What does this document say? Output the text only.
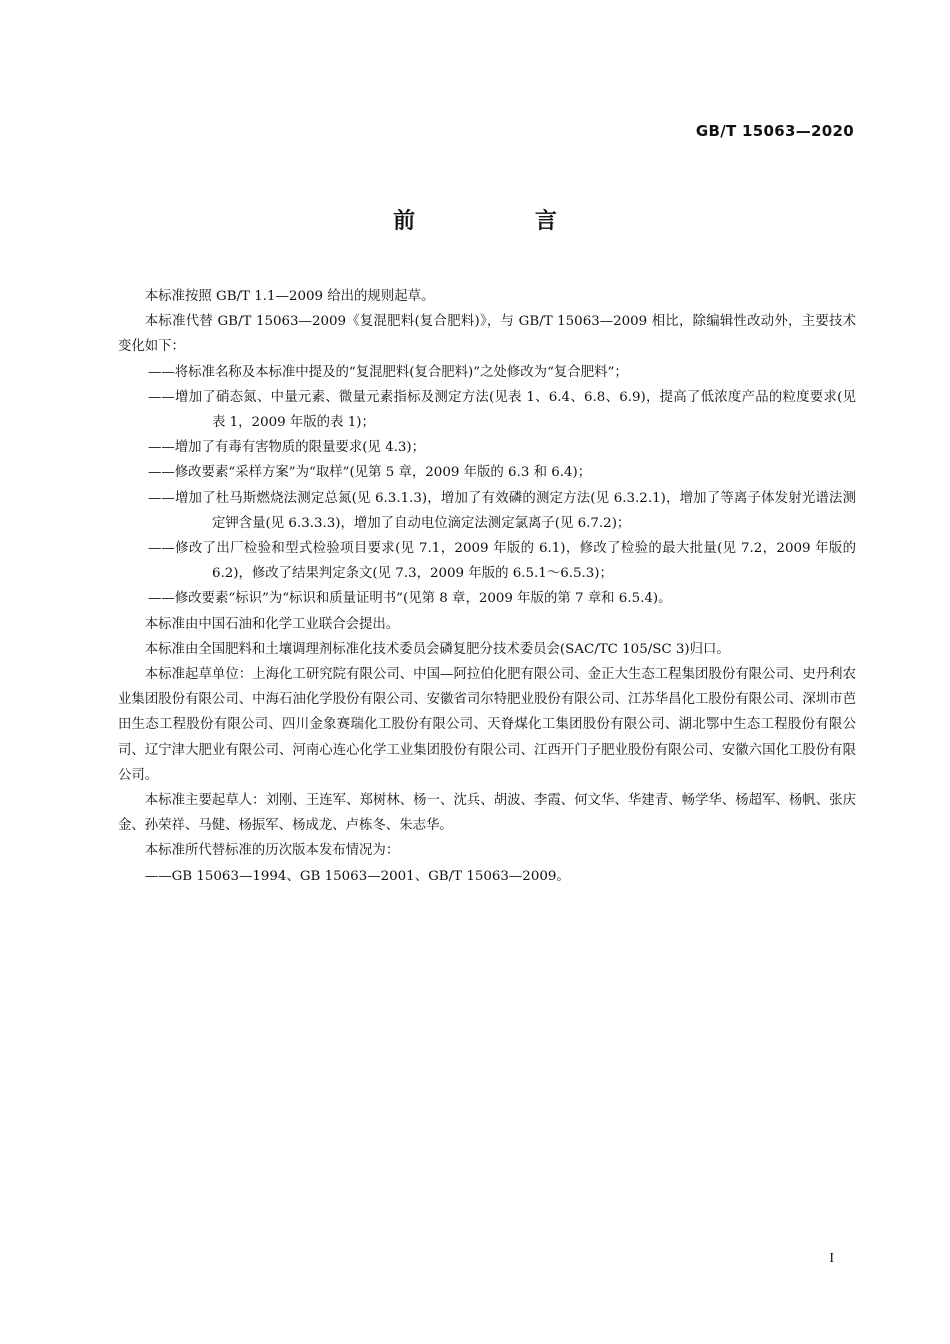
GB/T 15063—2020
前 言

本标准按照 GB/T 1.1—2009 给出的规则起草。

本标准代替 GB/T 15063—2009《复混肥料(复合肥料)》，与 GB/T 15063—2009 相比，除编辑性改动外，主要技术变化如下：

——将标准名称及本标准中提及的“复混肥料(复合肥料)”之处修改为“复合肥料”；

——增加了硝态氮、中量元素、微量元素指标及测定方法(见表 1、6.4、6.8、6.9)，提高了低浓度产品的粒度要求(见表 1，2009 年版的表 1)；

——增加了有毒有害物质的限量要求(见 4.3)；

——修改要素“采样方案”为“取样”(见第 5 章，2009 年版的 6.3 和 6.4)；

——增加了杜马斯燃烧法测定总氮(见 6.3.1.3)，增加了有效磷的测定方法(见 6.3.2.1)，增加了等离子体发射光谱法测定钾含量(见 6.3.3.3)，增加了自动电位滴定法测定氯离子(见 6.7.2)；

——修改了出厂检验和型式检验项目要求(见 7.1，2009 年版的 6.1)，修改了检验的最大批量(见 7.2，2009 年版的 6.2)，修改了结果判定条文(见 7.3，2009 年版的 6.5.1～6.5.3)；

——修改要素“标识”为“标识和质量证明书”(见第 8 章，2009 年版的第 7 章和 6.5.4)。

本标准由中国石油和化学工业联合会提出。

本标准由全国肥料和土壤调理剂标准化技术委员会磷复肥分技术委员会(SAC/TC 105/SC 3)归口。

本标准起草单位：上海化工研究院有限公司、中国—阿拉伯化肥有限公司、金正大生态工程集团股份有限公司、史丹利农业集团股份有限公司、中海石油化学股份有限公司、安徽省司尔特肥业股份有限公司、江苏华昌化工股份有限公司、深圳市芭田生态工程股份有限公司、四川金象赛瑞化工股份有限公司、天脊煤化工集团股份有限公司、湖北鄂中生态工程股份有限公司、辽宁津大肥业有限公司、河南心连心化学工业集团股份有限公司、江西开门子肥业股份有限公司、安徽六国化工股份有限公司。

本标准主要起草人：刘刚、王连军、郑树林、杨一、沈兵、胡波、李霞、何文华、华建青、畅学华、杨超军、杨帆、张庆金、孙荣祥、马健、杨振军、杨成龙、卢栋冬、朱志华。

本标准所代替标准的历次版本发布情况为：

——GB 15063—1994、GB 15063—2001、GB/T 15063—2009。

I
